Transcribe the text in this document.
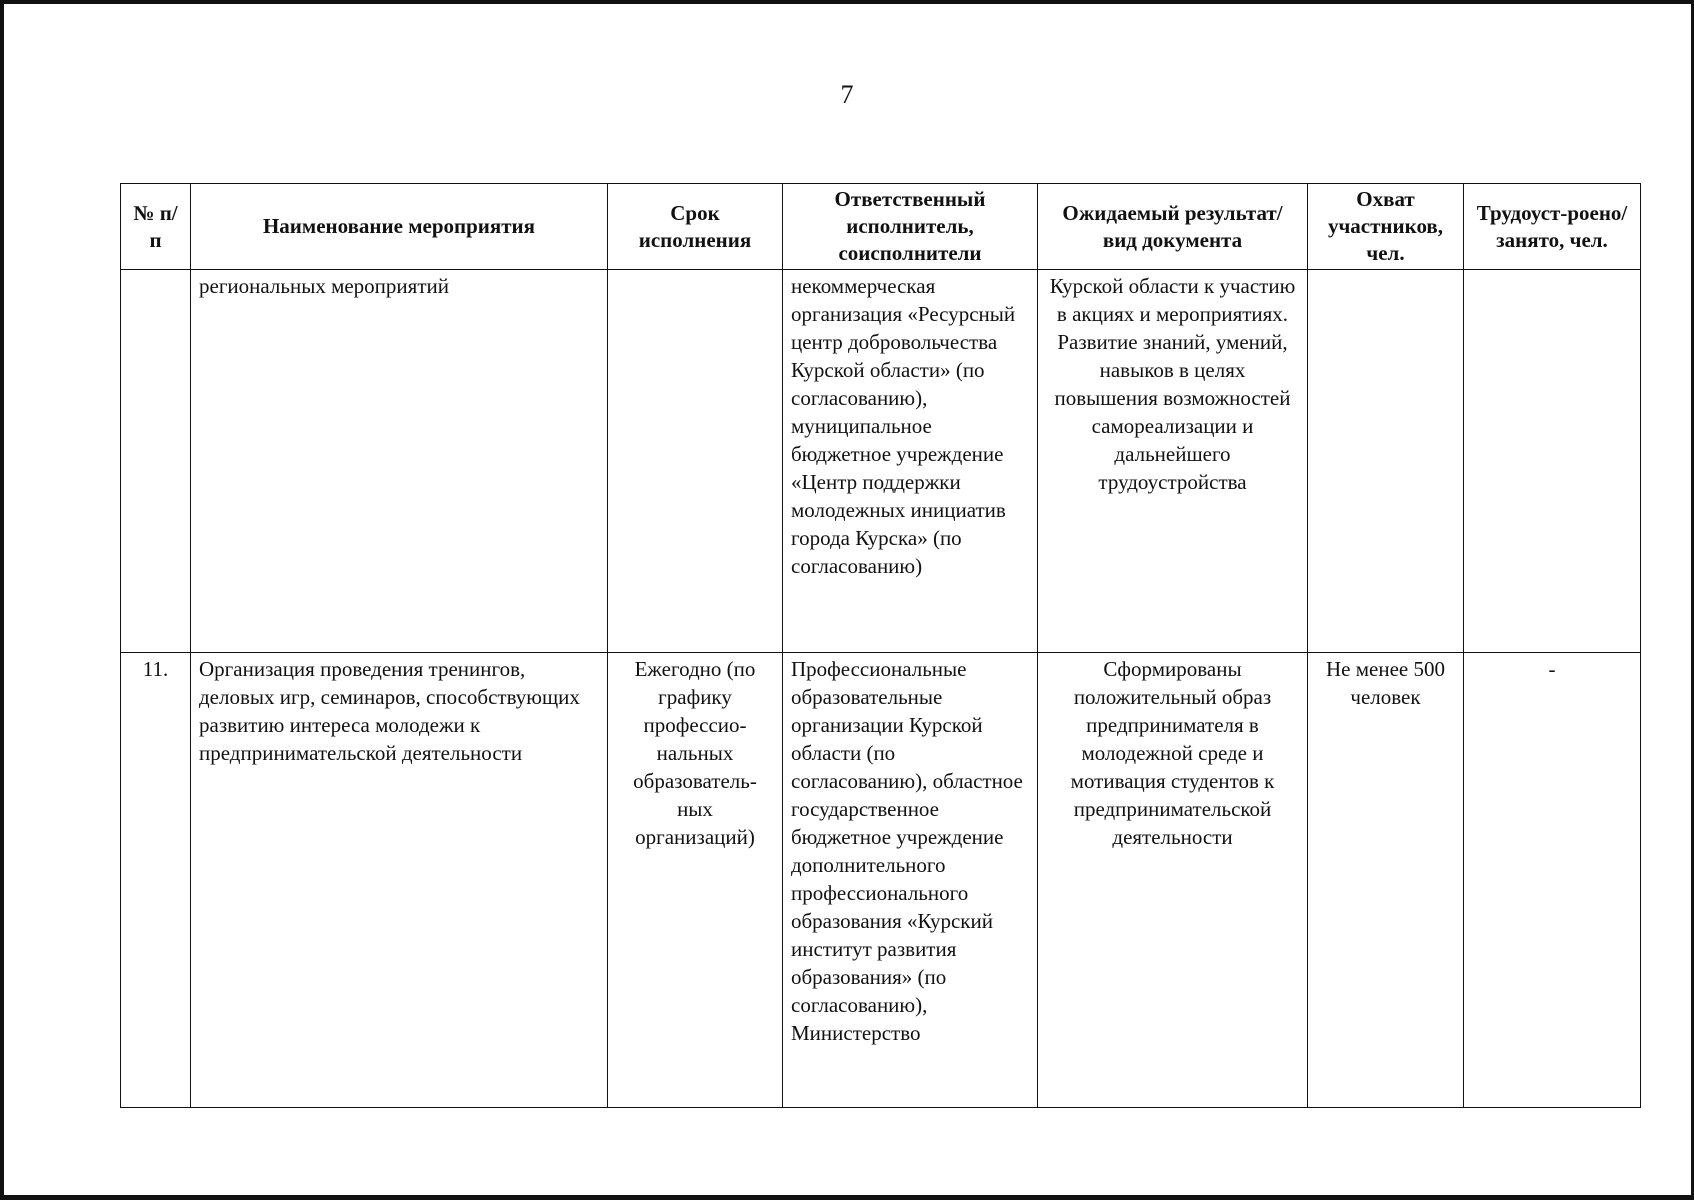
7
№ п/п	Наименование мероприятия	Срок исполнения	Ответственный исполнитель, соисполнители	Ожидаемый результат/вид документа	Охват участников, чел.	Трудоуст-роено/занято, чел.
	региональных мероприятий		некоммерческая организация «Ресурсный центр добровольчества Курской области» (по согласованию), муниципальное бюджетное учреждение «Центр поддержки молодежных инициатив города Курска» (по согласованию)	Курской области к участию в акциях и мероприятиях. Развитие знаний, умений, навыков в целях повышения возможностей самореализации и дальнейшего трудоустройства		
11.	Организация проведения тренингов, деловых игр, семинаров, способствующих развитию интереса молодежи к предпринимательской деятельности	Ежегодно (по графику профессио-нальных образователь-ных организаций)	Профессиональные образовательные организации Курской области (по согласованию), областное государственное бюджетное учреждение дополнительного профессионального образования «Курский институт развития образования» (по согласованию), Министерство	Сформированы положительный образ предпринимателя в молодежной среде и мотивация студентов к предпринимательской деятельности	Не менее 500 человек	-
